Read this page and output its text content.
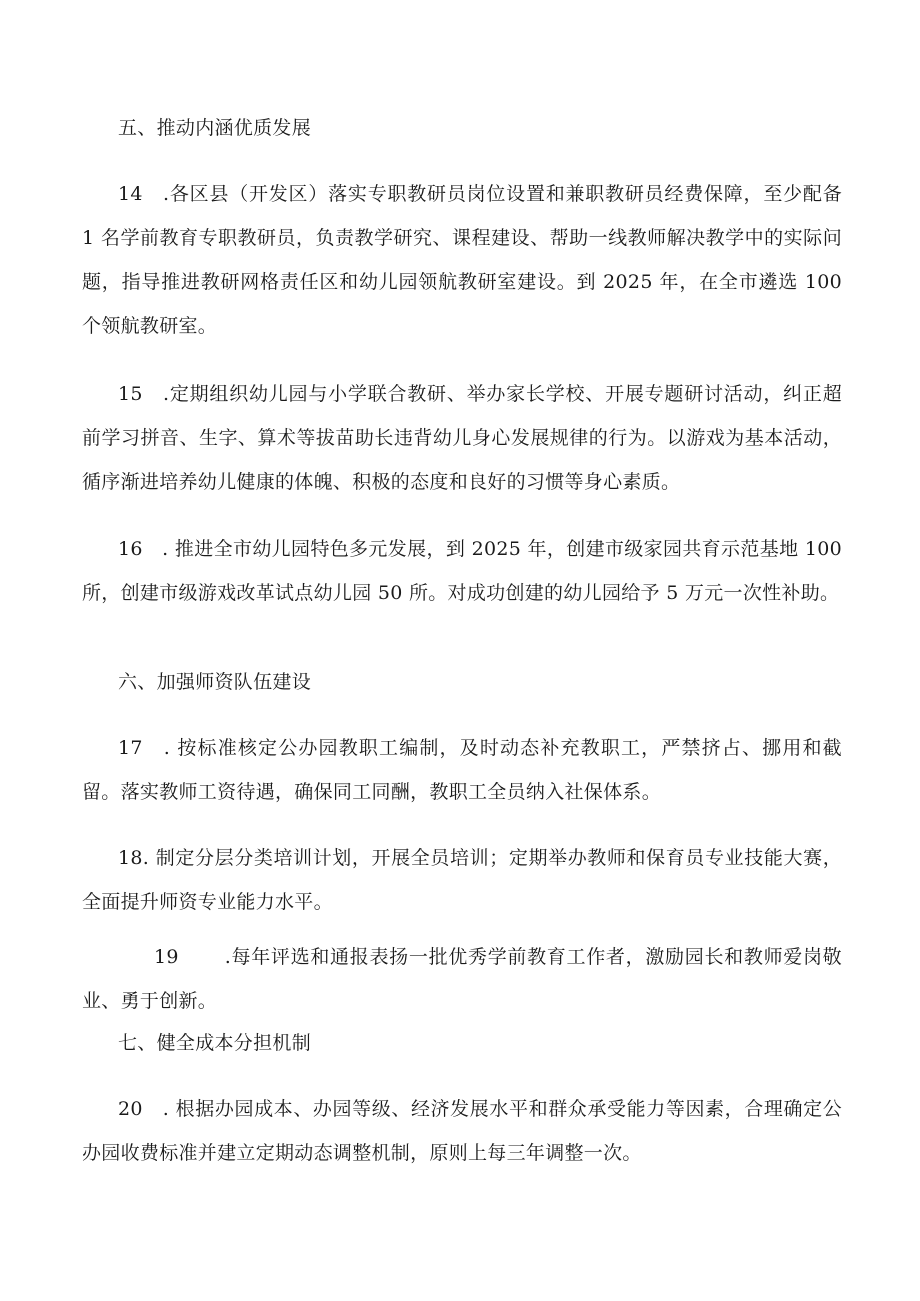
五、推动内涵优质发展

14　.各区县（开发区）落实专职教研员岗位设置和兼职教研员经费保障，至少配备 1 名学前教育专职教研员，负责教学研究、课程建设、帮助一线教师解决教学中的实际问题，指导推进教研网格责任区和幼儿园领航教研室建设。到 2025 年，在全市遴选 100 个领航教研室。

15　.定期组织幼儿园与小学联合教研、举办家长学校、开展专题研讨活动，纠正超前学习拼音、生字、算术等拔苗助长违背幼儿身心发展规律的行为。以游戏为基本活动，循序渐进培养幼儿健康的体魄、积极的态度和良好的习惯等身心素质。

16　. 推进全市幼儿园特色多元发展，到 2025 年，创建市级家园共育示范基地 100 所，创建市级游戏改革试点幼儿园 50 所。对成功创建的幼儿园给予 5 万元一次性补助。

六、加强师资队伍建设

17　. 按标准核定公办园教职工编制，及时动态补充教职工，严禁挤占、挪用和截留。落实教师工资待遇，确保同工同酬，教职工全员纳入社保体系。

18. 制定分层分类培训计划，开展全员培训；定期举办教师和保育员专业技能大赛，全面提升师资专业能力水平。

19 .每年评选和通报表扬一批优秀学前教育工作者，激励园长和教师爱岗敬业、勇于创新。

七、健全成本分担机制

20　. 根据办园成本、办园等级、经济发展水平和群众承受能力等因素，合理确定公办园收费标准并建立定期动态调整机制，原则上每三年调整一次。
